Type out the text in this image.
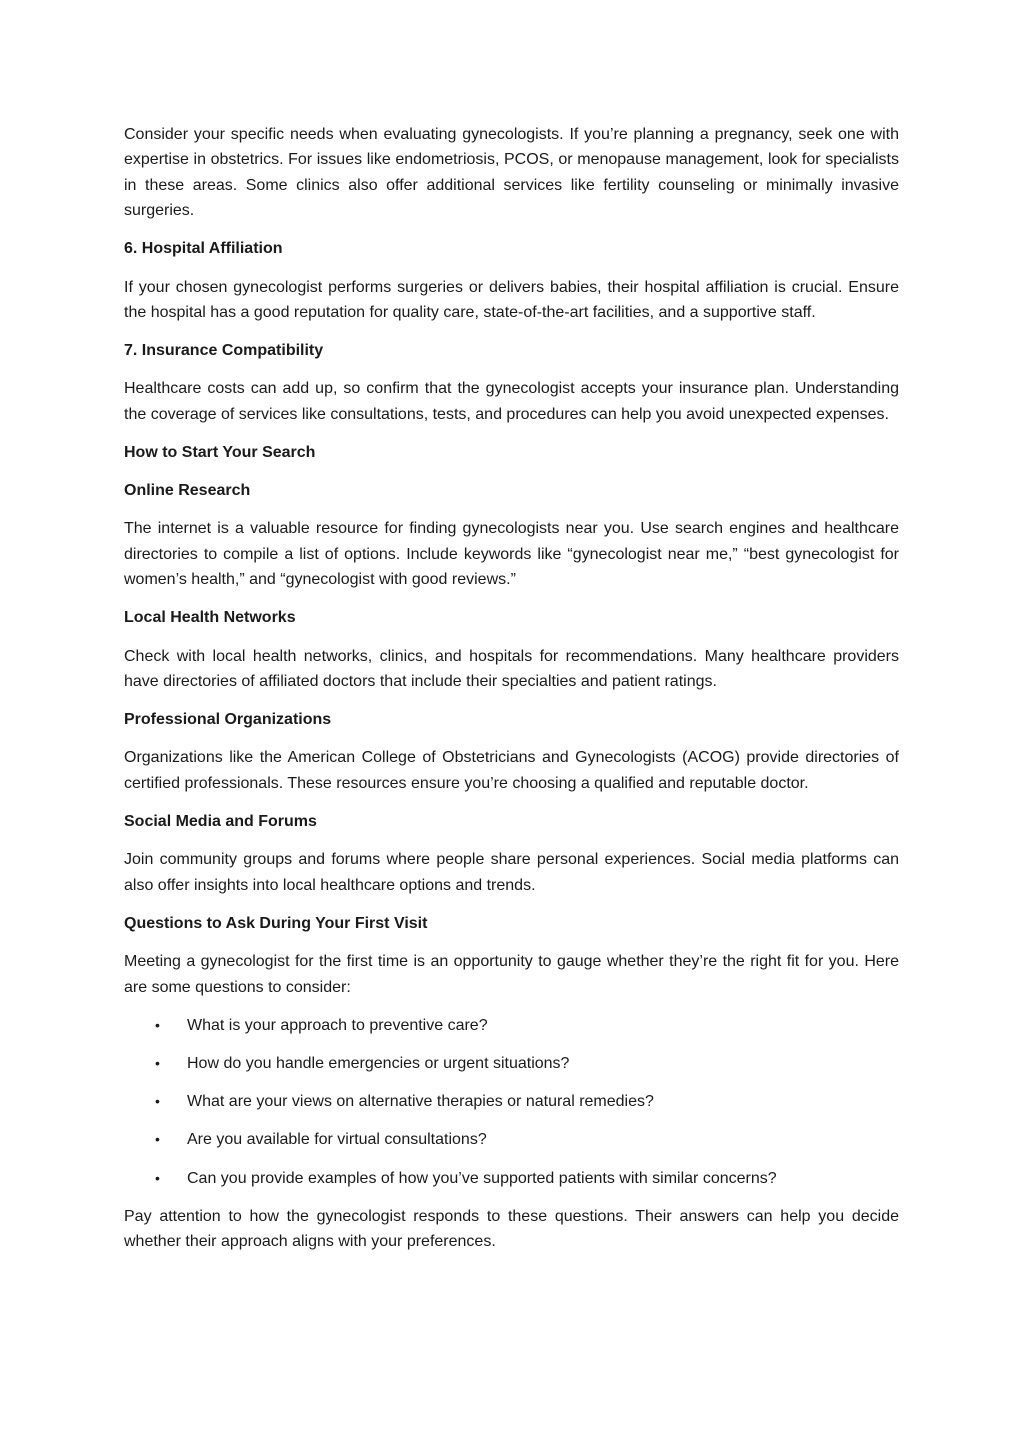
Consider your specific needs when evaluating gynecologists. If you’re planning a pregnancy, seek one with expertise in obstetrics. For issues like endometriosis, PCOS, or menopause management, look for specialists in these areas. Some clinics also offer additional services like fertility counseling or minimally invasive surgeries.

6. Hospital Affiliation

If your chosen gynecologist performs surgeries or delivers babies, their hospital affiliation is crucial. Ensure the hospital has a good reputation for quality care, state-of-the-art facilities, and a supportive staff.

7. Insurance Compatibility

Healthcare costs can add up, so confirm that the gynecologist accepts your insurance plan. Understanding the coverage of services like consultations, tests, and procedures can help you avoid unexpected expenses.

How to Start Your Search
Online Research

The internet is a valuable resource for finding gynecologists near you. Use search engines and healthcare directories to compile a list of options. Include keywords like “gynecologist near me,” “best gynecologist for women’s health,” and “gynecologist with good reviews.”

Local Health Networks

Check with local health networks, clinics, and hospitals for recommendations. Many healthcare providers have directories of affiliated doctors that include their specialties and patient ratings.

Professional Organizations

Organizations like the American College of Obstetricians and Gynecologists (ACOG) provide directories of certified professionals. These resources ensure you’re choosing a qualified and reputable doctor.

Social Media and Forums

Join community groups and forums where people share personal experiences. Social media platforms can also offer insights into local healthcare options and trends.

Questions to Ask During Your First Visit

Meeting a gynecologist for the first time is an opportunity to gauge whether they’re the right fit for you. Here are some questions to consider:

•	What is your approach to preventive care?
•	How do you handle emergencies or urgent situations?
•	What are your views on alternative therapies or natural remedies?
•	Are you available for virtual consultations?
•	Can you provide examples of how you’ve supported patients with similar concerns?

Pay attention to how the gynecologist responds to these questions. Their answers can help you decide whether their approach aligns with your preferences.
